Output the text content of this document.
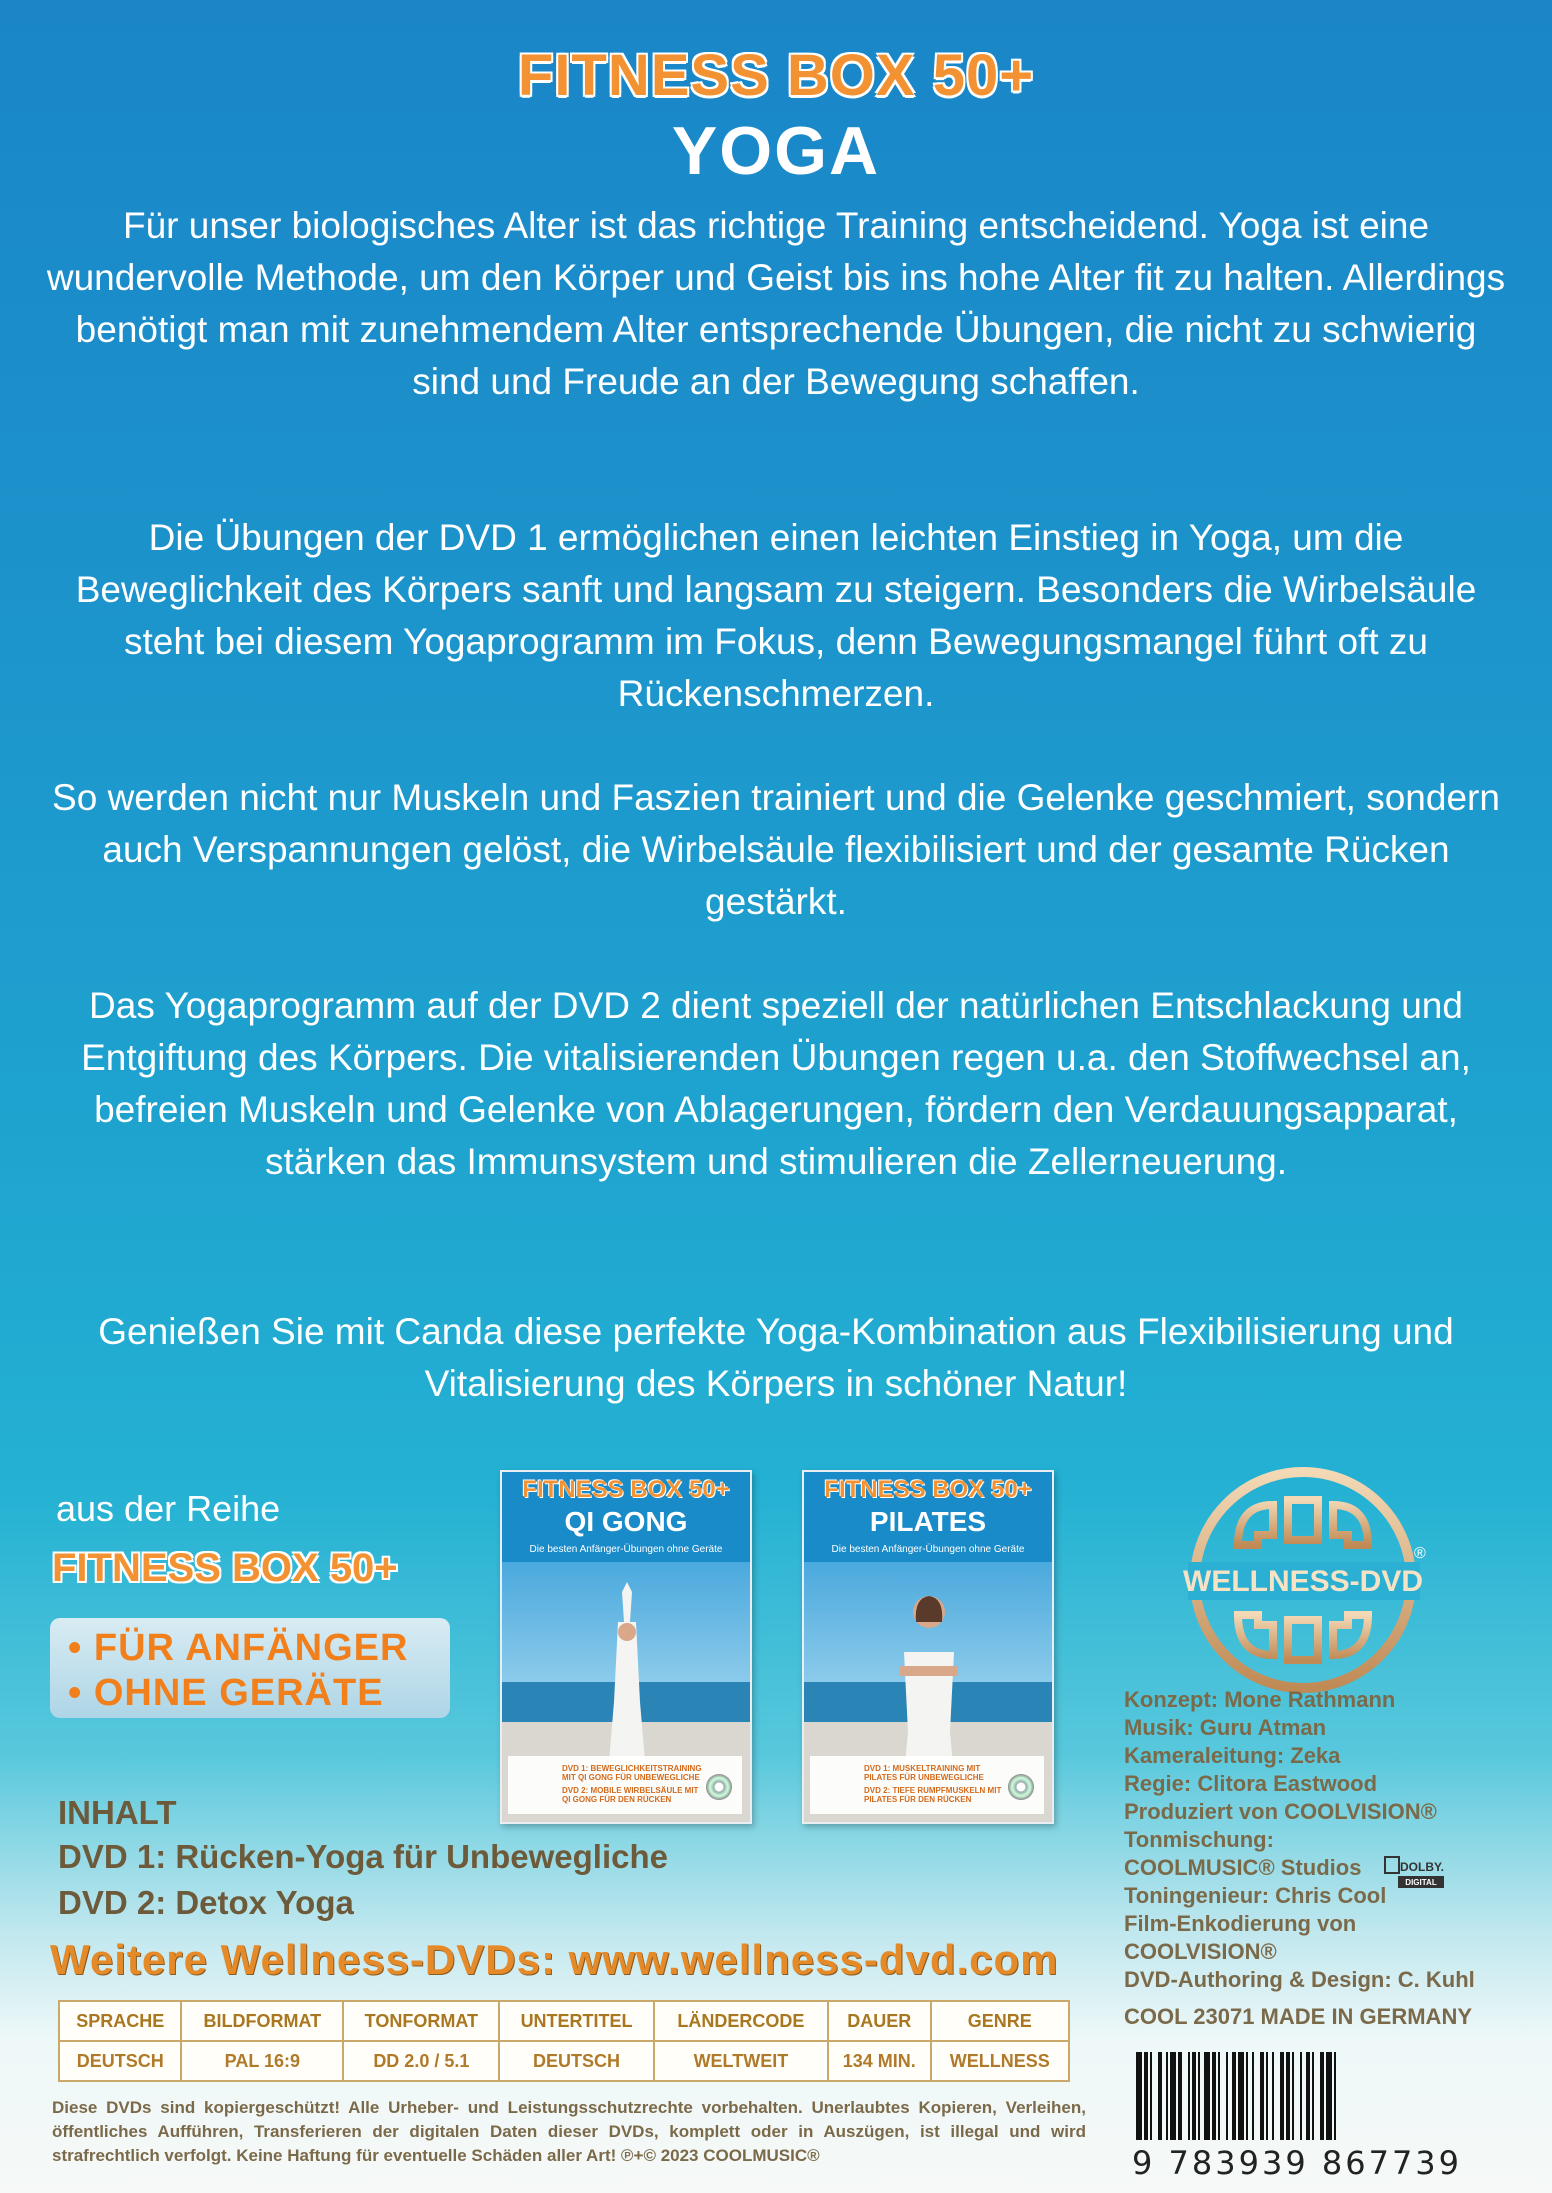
FITNESS BOX 50+
YOGA
Für unser biologisches Alter ist das richtige Training entscheidend. Yoga ist eine wundervolle Methode, um den Körper und Geist bis ins hohe Alter fit zu halten. Allerdings benötigt man mit zunehmendem Alter entsprechende Übungen, die nicht zu schwierig sind und Freude an der Bewegung schaffen.
Die Übungen der DVD 1 ermöglichen einen leichten Einstieg in Yoga, um die Beweglichkeit des Körpers sanft und langsam zu steigern. Besonders die Wirbelsäule steht bei diesem Yogaprogramm im Fokus, denn Bewegungsmangel führt oft zu Rückenschmerzen.
So werden nicht nur Muskeln und Faszien trainiert und die Gelenke geschmiert, sondern auch Verspannungen gelöst, die Wirbelsäule flexibilisiert und der gesamte Rücken gestärkt.
Das Yogaprogramm auf der DVD 2 dient speziell der natürlichen Entschlackung und Entgiftung des Körpers. Die vitalisierenden Übungen regen u.a. den Stoffwechsel an, befreien Muskeln und Gelenke von Ablagerungen, fördern den Verdauungsapparat, stärken das Immunsystem und stimulieren die Zellerneuerung.
Genießen Sie mit Canda diese perfekte Yoga-Kombination aus Flexibilisierung und Vitalisierung des Körpers in schöner Natur!
aus der Reihe
FITNESS BOX 50+
• FÜR ANFÄNGER
• OHNE GERÄTE
FITNESS BOX 50+
QI GONG
Die besten Anfänger-Übungen ohne Geräte
DVD 1: BEWEGLICHKEITSTRAINING MIT QI GONG FÜR UNBEWEGLICHE
DVD 2: MOBILE WIRBELSÄULE MIT QI GONG FÜR DEN RÜCKEN
FITNESS BOX 50+
PILATES
Die besten Anfänger-Übungen ohne Geräte
DVD 1: MUSKELTRAINING MIT PILATES FÜR UNBEWEGLICHE
DVD 2: TIEFE RUMPFMUSKELN MIT PILATES FÜR DEN RÜCKEN
WELLNESS-DVD
®
Konzept: Mone Rathmann
Musik: Guru Atman
Kameraleitung: Zeka
Regie: Clitora Eastwood
Produziert von COOLVISION®
Tonmischung:
COOLMUSIC® Studios
Toningenieur: Chris Cool
Film-Enkodierung von
COOLVISION®
DVD-Authoring & Design: C. Kuhl
DOLBY.
DIGITAL
INHALT
DVD 1: Rücken-Yoga für Unbewegliche
DVD 2: Detox Yoga
Weitere Wellness-DVDs: www.wellness-dvd.com
SPRACHE	BILDFORMAT	TONFORMAT	UNTERTITEL	LÄNDERCODE	DAUER	GENRE
DEUTSCH	PAL 16:9	DD 2.0 / 5.1	DEUTSCH	WELTWEIT	134 MIN.	WELLNESS
Diese DVDs sind kopiergeschützt! Alle Urheber- und Leistungsschutzrechte vorbehalten. Unerlaubtes Kopieren, Verleihen, öffentliches Aufführen, Transferieren der digitalen Daten dieser DVDs, komplett oder in Auszügen, ist illegal und wird strafrechtlich verfolgt. Keine Haftung für eventuelle Schäden aller Art! ℗+© 2023 COOLMUSIC®
COOL 23071 MADE IN GERMANY
9 783939 867739
